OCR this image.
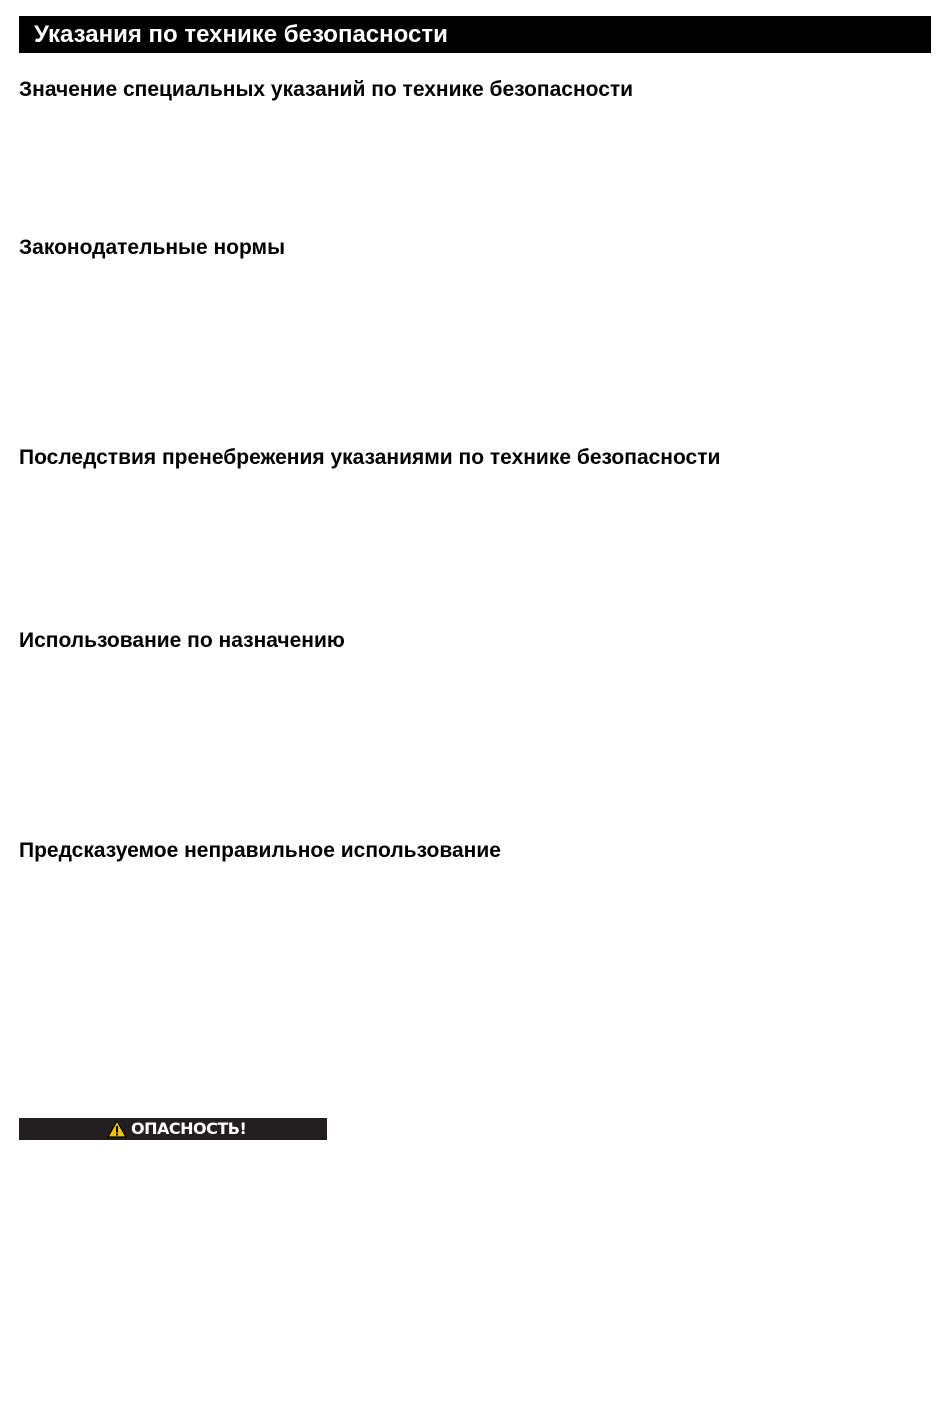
Указания по технике безопасности
Значение специальных указаний по технике безопасности
Законодательные нормы
Последствия пренебрежения указаниями по технике безопасности
Использование по назначению
Предсказуемое неправильное использование
ОПАСНОСТЬ!
